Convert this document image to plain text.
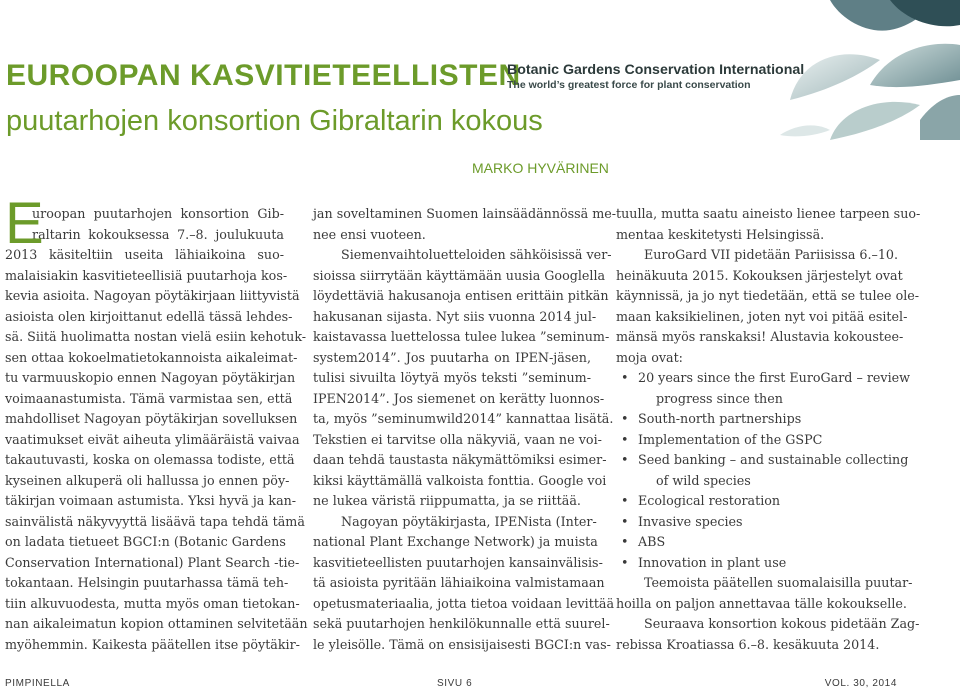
EUROOPAN KASVITIETEELLISTEN
puutarhojen konsortion Gibraltarin kokous
Botanic Gardens Conservation International
The world’s greatest force for plant conservation
MARKO HYVÄRINEN
E
uroopan puutarhojen konsortion Gib-
raltarin kokouksessa 7.–8. joulukuuta
2013 käsiteltiin useita lähiaikoina suo-
malaisiakin kasvitieteellisiä puutarhoja kos-
kevia asioita. Nagoyan pöytäkirjaan liittyvistä
asioista olen kirjoittanut edellä tässä lehdes-
sä. Siitä huolimatta nostan vielä esiin kehotuk-
sen ottaa kokoelmatietokannoista aikaleimat-
tu varmuuskopio ennen Nagoyan pöytäkirjan
voimaanastumista. Tämä varmistaa sen, että
mahdolliset Nagoyan pöytäkirjan sovelluksen
vaatimukset eivät aiheuta ylimääräistä vaivaa
takautuvasti, koska on olemassa todiste, että
kyseinen alkuperä oli hallussa jo ennen pöy-
täkirjan voimaan astumista. Yksi hyvä ja kan-
sainvälistä näkyvyyttä lisäävä tapa tehdä tämä
on ladata tietueet BGCI:n (Botanic Gardens
Conservation International) Plant Search -tie-
tokantaan. Helsingin puutarhassa tämä teh-
tiin alkuvuodesta, mutta myös oman tietokan-
nan aikaleimatun kopion ottaminen selvitetään
myöhemmin. Kaikesta päätellen itse pöytäkir-

jan soveltaminen Suomen lainsäädännössä me-
nee ensi vuoteen.

Siemenvaihtoluetteloiden sähköisissä ver-
sioissa siirrytään käyttämään uusia Googlella
löydettäviä hakusanoja entisen erittäin pitkän
hakusanan sijasta. Nyt siis vuonna 2014 jul-
kaistavassa luettelossa tulee lukea ”seminum-
system2014”. Jos puutarha on IPEN-jäsen,
tulisi sivuilta löytyä myös teksti ”seminum-
IPEN2014”. Jos siemenet on kerätty luonnos-
ta, myös ”seminumwild2014” kannattaa lisätä.
Tekstien ei tarvitse olla näkyviä, vaan ne voi-
daan tehdä taustasta näkymättömiksi esimer-
kiksi käyttämällä valkoista fonttia. Google voi
ne lukea väristä riippumatta, ja se riittää.

Nagoyan pöytäkirjasta, IPENista (Inter-
national Plant Exchange Network) ja muista
kasvitieteellisten puutarhojen kansainvälisis-
tä asioista pyritään lähiaikoina valmistamaan
opetusmateriaalia, jotta tietoa voidaan levittää
sekä puutarhojen henkilökunnalle että suurel-
le yleisölle. Tämä on ensisijaisesti BGCI:n vas-

tuulla, mutta saatu aineisto lienee tarpeen suo-
mentaa keskitetysti Helsingissä.

EuroGard VII pidetään Pariisissa 6.–10.
heinäkuuta 2015. Kokouksen järjestelyt ovat
käynnissä, ja jo nyt tiedetään, että se tulee ole-
maan kaksikielinen, joten nyt voi pitää esitel-
mänsä myös ranskaksi! Alustavia kokoustee-
moja ovat:

• 20 years since the first EuroGard – review
progress since then
• South-north partnerships
• Implementation of the GSPC
• Seed banking – and sustainable collecting
of wild species
• Ecological restoration
• Invasive species
• ABS
• Innovation in plant use

Teemoista päätellen suomalaisilla puutar-
hoilla on paljon annettavaa tälle kokoukselle.

Seuraava konsortion kokous pidetään Zag-
rebissa Kroatiassa 6.–8. kesäkuuta 2014.

PIMPINELLA	SIVU 6	VOL. 30, 2014
